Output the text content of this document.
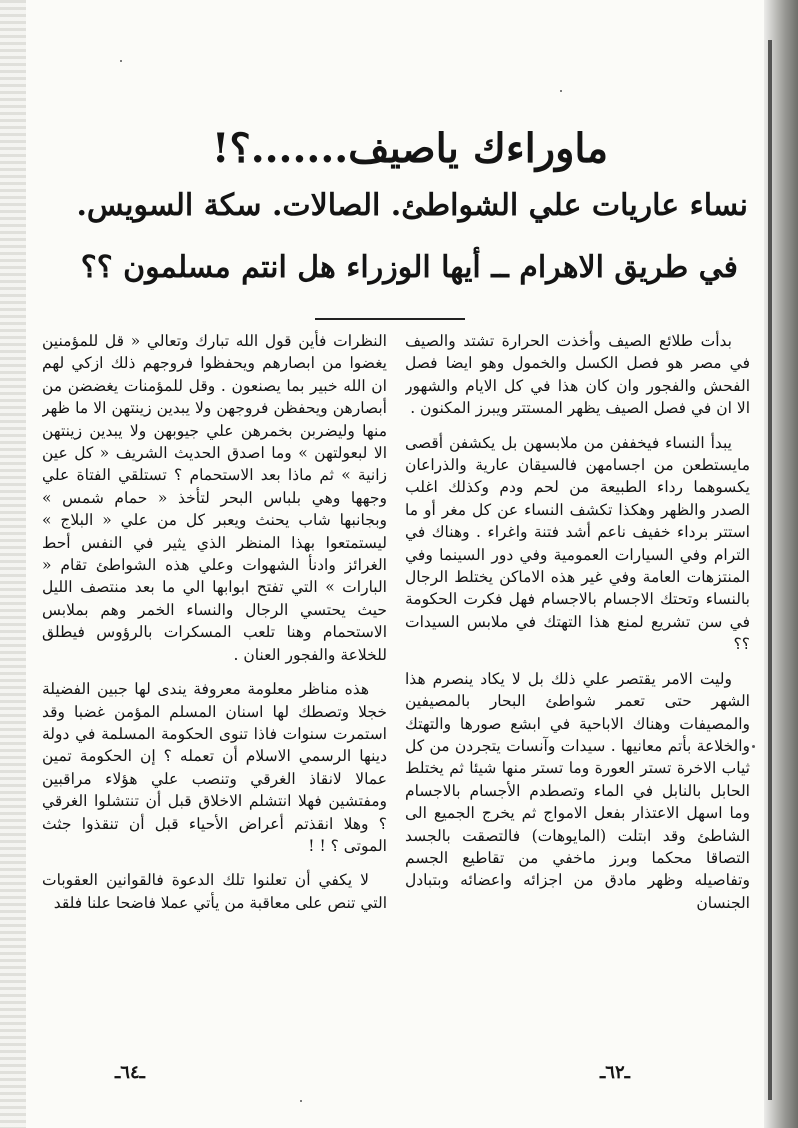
ماوراءك ياصيف.......؟!
نساء عاريات علي الشواطئ. الصالات. سكة السويس.
في طريق الاهرام ــ أيها الوزراء هل انتم مسلمون ؟؟

بدأت طلائع الصيف وأخذت الحرارة تشتد والصيف في مصر هو فصل الكسل والخمول وهو ايضا فصل الفحش والفجور وان كان هذا في كل الايام والشهور الا ان في فصل الصيف يظهر المستتر ويبرز المكنون .

يبدأ النساء فيخففن من ملابسهن بل يكشفن أقصى مايستطعن من اجسامهن فالسيقان عارية والذراعان يكسوهما رداء الطبيعة من لحم ودم وكذلك اغلب الصدر والظهر وهكذا تكشف النساء عن كل مغر أو ما استتر برداء خفيف ناعم أشد فتنة واغراء . وهناك في الترام وفي السيارات العمومية وفي دور السينما وفي المنتزهات العامة وفي غير هذه الاماكن يختلط الرجال بالنساء وتحتك الاجسام بالاجسام فهل فكرت الحكومة في سن تشريع لمنع هذا التهتك في ملابس السيدات ؟؟

وليت الامر يقتصر علي ذلك بل لا يكاد ينصرم هذا الشهر حتى تعمر شواطئ البحار بالمصيفين والمصيفات وهناك الاباحية في ابشع صورها والتهتك والخلاعة بأتم معانيها . سيدات وآنسات يتجردن من كل ثياب الاخرة تستر العورة وما تستر منها شيئا ثم يختلط الحابل بالنابل في الماء وتصطدم الأجسام بالاجسام وما اسهل الاعتذار بفعل الامواج ثم يخرج الجميع الى الشاطئ وقد ابتلت (المايوهات) فالتصقت بالجسد التصاقا محكما وبرز ماخفي من تقاطيع الجسم وتفاصيله وظهر مادق من اجزائه واعضائه وبتبادل الجنسان

النظرات فأين قول الله تبارك وتعالي « قل للمؤمنين يغضوا من ابصارهم ويحفظوا فروجهم ذلك ازكي لهم ان الله خبير بما يصنعون . وقل للمؤمنات يغضضن من أبصارهن ويحفظن فروجهن ولا يبدين زينتهن الا ما ظهر منها وليضربن بخمرهن علي جيوبهن ولا يبدين زينتهن الا لبعولتهن » وما اصدق الحديث الشريف « كل عين زانية » ثم ماذا بعد الاستحمام ؟ تستلقي الفتاة علي وجهها وهي بلباس البحر لتأخذ « حمام شمس » وبجانبها شاب يحنث ويعبر كل من علي « البلاج » ليستمتعوا بهذا المنظر الذي يثير في النفس أحط الغرائز وادنأ الشهوات وعلي هذه الشواطئ تقام « البارات » التي تفتح ابوابها الي ما بعد منتصف الليل حيث يحتسي الرجال والنساء الخمر وهم بملابس الاستحمام وهنا تلعب المسكرات بالرؤوس فيطلق للخلاعة والفجور العنان .

هذه مناظر معلومة معروفة يندى لها جبين الفضيلة خجلا وتصطك لها اسنان المسلم المؤمن غضبا وقد استمرت سنوات فاذا تنوى الحكومة المسلمة في دولة دينها الرسمي الاسلام أن تعمله ؟ إن الحكومة تمين عمالا لانقاذ الغرقي وتنصب علي هؤلاء مراقبين ومفتشين فهلا انتشلم الاخلاق قبل أن تنتشلوا الغرقي ؟ وهلا انقذتم أعراض الأحياء قبل أن تنقذوا جثث الموتى ؟ ! !

لا يكفي أن تعلنوا تلك الدعوة فالقوانين العقوبات التي تنص على معاقبة من يأتي عملا فاضحا علنا فلقد

ـ٦٢ـ
ـ٦٤ـ
